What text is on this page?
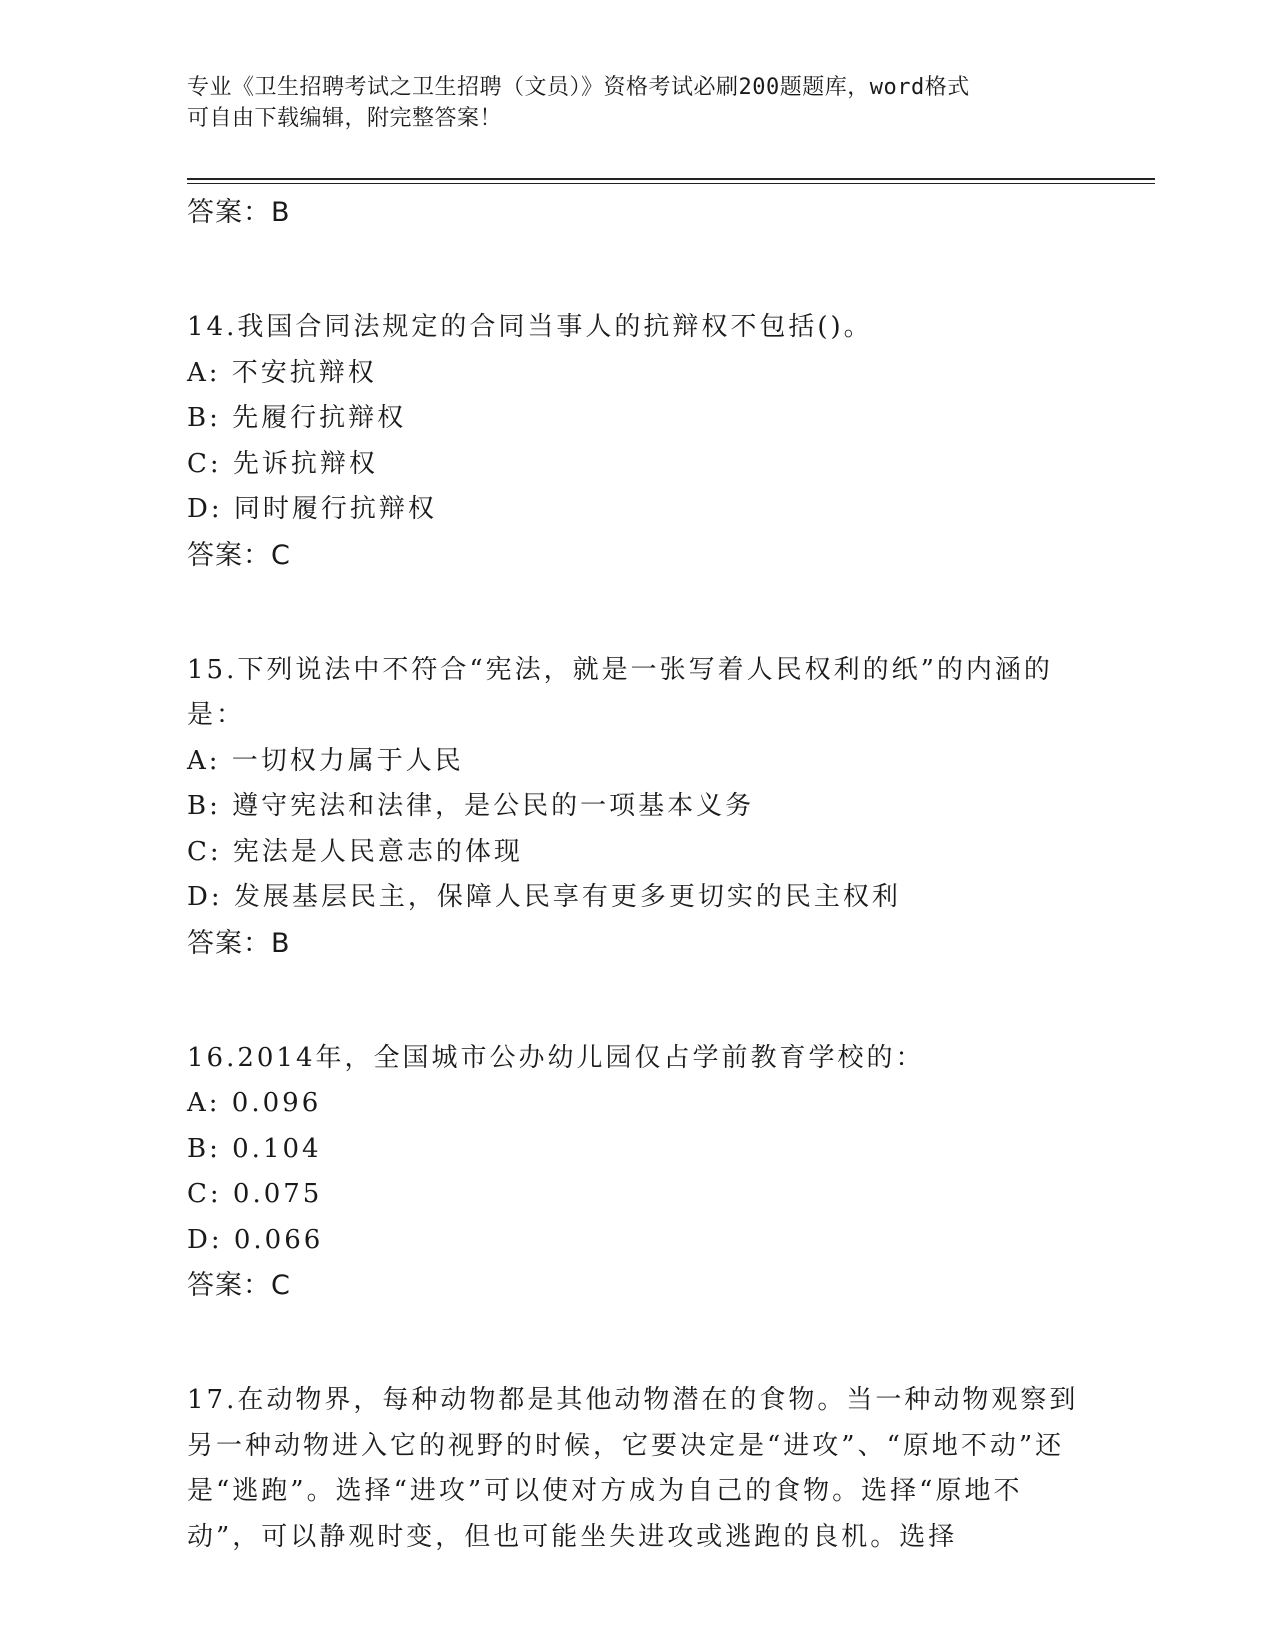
专业《卫生招聘考试之卫生招聘（文员）》资格考试必刷200题题库，word格式
可自由下载编辑，附完整答案！
答案：B
14.我国合同法规定的合同当事人的抗辩权不包括()。
A: 不安抗辩权
B: 先履行抗辩权
C: 先诉抗辩权
D: 同时履行抗辩权
答案：C
15.下列说法中不符合“宪法，就是一张写着人民权利的纸”的内涵的是：
A: 一切权力属于人民
B: 遵守宪法和法律，是公民的一项基本义务
C: 宪法是人民意志的体现
D: 发展基层民主，保障人民享有更多更切实的民主权利
答案：B
16.2014年，全国城市公办幼儿园仅占学前教育学校的：
A: 0.096
B: 0.104
C: 0.075
D: 0.066
答案：C
17.在动物界，每种动物都是其他动物潜在的食物。当一种动物观察到另一种动物进入它的视野的时候，它要决定是“进攻”、“原地不动”还是“逃跑”。选择“进攻”可以使对方成为自己的食物。选择“原地不动”，可以静观时变，但也可能坐失进攻或逃跑的良机。选择
